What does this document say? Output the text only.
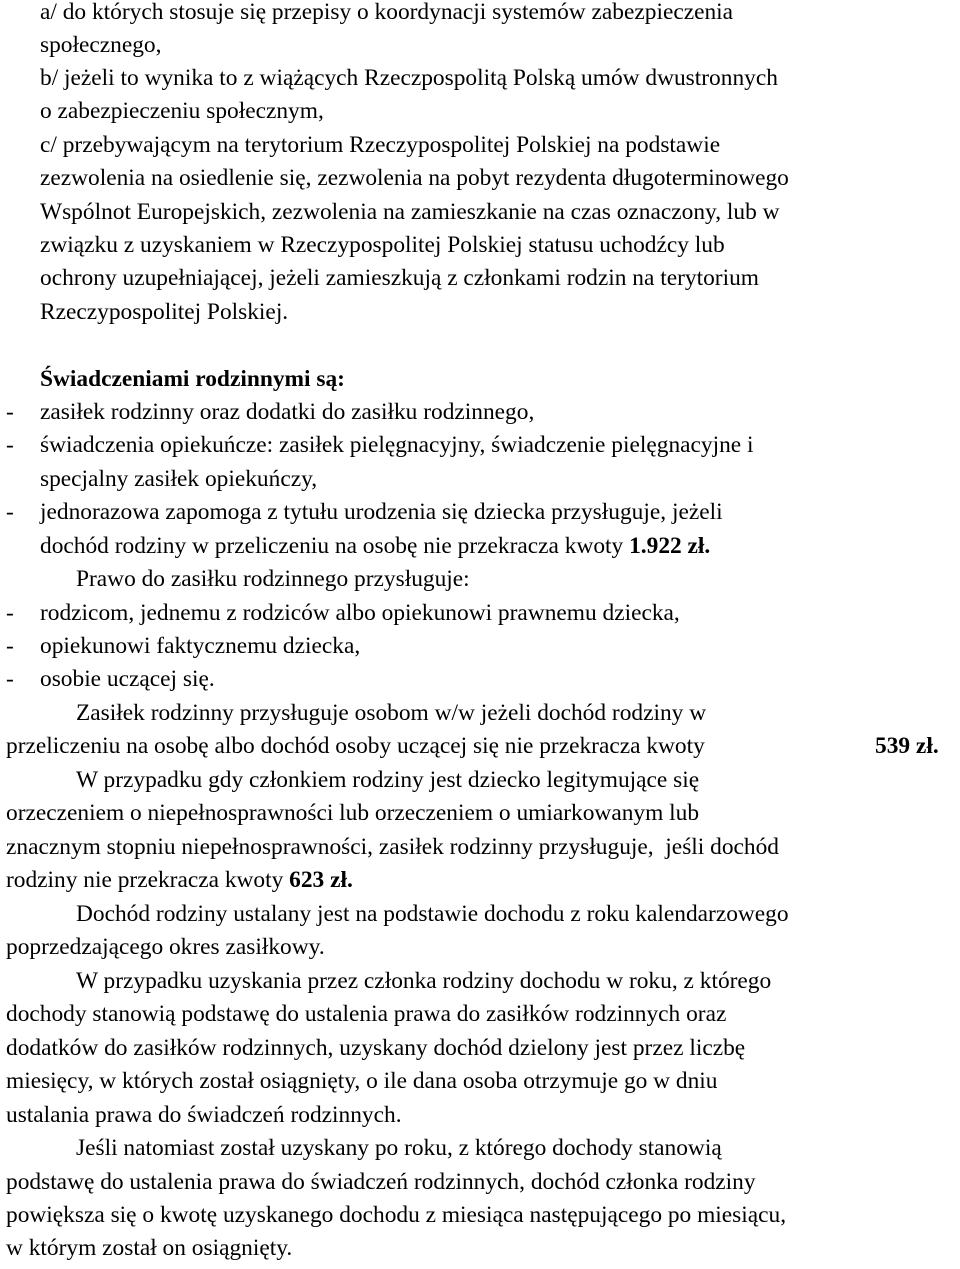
a/ do których stosuje się przepisy o koordynacji systemów zabezpieczenia
społecznego,
b/ jeżeli to wynika to z wiążących Rzeczpospolitą Polską umów dwustronnych
o zabezpieczeniu społecznym,
c/ przebywającym na terytorium Rzeczypospolitej Polskiej na podstawie
zezwolenia na osiedlenie się, zezwolenia na pobyt rezydenta długoterminowego
Wspólnot Europejskich, zezwolenia na zamieszkanie na czas oznaczony, lub w
związku z uzyskaniem w Rzeczypospolitej Polskiej statusu uchodźcy lub
ochrony uzupełniającej, jeżeli zamieszkują z członkami rodzin na terytorium
Rzeczypospolitej Polskiej.
Świadczeniami rodzinnymi są:
- zasiłek rodzinny oraz dodatki do zasiłku rodzinnego,
- świadczenia opiekuńcze: zasiłek pielęgnacyjny, świadczenie pielęgnacyjne i
specjalny zasiłek opiekuńczy,
- jednorazowa zapomoga z tytułu urodzenia się dziecka przysługuje, jeżeli
dochód rodziny w przeliczeniu na osobę nie przekracza kwoty 1.922 zł.
Prawo do zasiłku rodzinnego przysługuje:
- rodzicom, jednemu z rodziców albo opiekunowi prawnemu dziecka,
- opiekunowi faktycznemu dziecka,
- osobie uczącej się.
Zasiłek rodzinny przysługuje osobom w/w jeżeli dochód rodziny w
przeliczeniu na osobę albo dochód osoby uczącej się nie przekracza kwoty	539 zł.
W przypadku gdy członkiem rodziny jest dziecko legitymujące się
orzeczeniem o niepełnosprawności lub orzeczeniem o umiarkowanym lub
znacznym stopniu niepełnosprawności, zasiłek rodzinny przysługuje,  jeśli dochód
rodziny nie przekracza kwoty 623 zł.
Dochód rodziny ustalany jest na podstawie dochodu z roku kalendarzowego
poprzedzającego okres zasiłkowy.
W przypadku uzyskania przez członka rodziny dochodu w roku, z którego
dochody stanowią podstawę do ustalenia prawa do zasiłków rodzinnych oraz
dodatków do zasiłków rodzinnych, uzyskany dochód dzielony jest przez liczbę
miesięcy, w których został osiągnięty, o ile dana osoba otrzymuje go w dniu
ustalania prawa do świadczeń rodzinnych.
Jeśli natomiast został uzyskany po roku, z którego dochody stanowią
podstawę do ustalenia prawa do świadczeń rodzinnych, dochód członka rodziny
powiększa się o kwotę uzyskanego dochodu z miesiąca następującego po miesiącu,
w którym został on osiągnięty.
